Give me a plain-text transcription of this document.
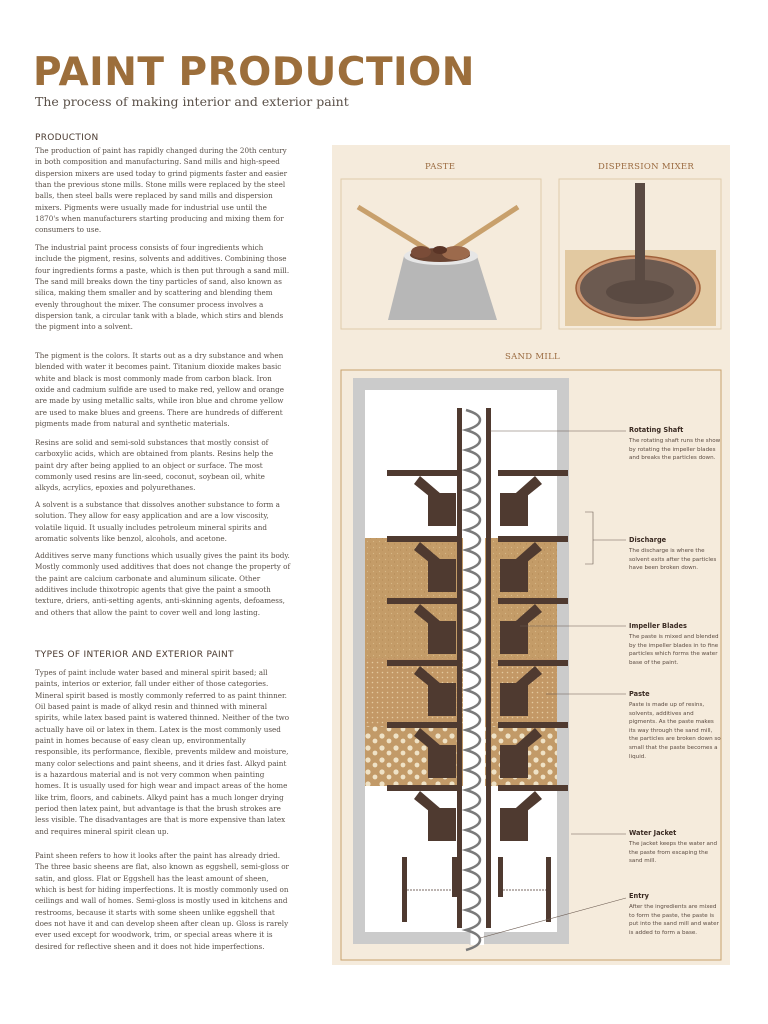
PAINT PRODUCTION
The process of making interior and exterior paint
PRODUCTION

The production of paint has rapidly changed during the 20th century in both composition and manufacturing. Sand mills and high-speed dispersion mixers are used today to grind pigments faster and easier than the previous stone mills. Stone mills were replaced by the steel balls, then steel balls were replaced by sand mills and dispersion mixers. Pigments were usually made for industrial use until the 1870's when manufacturers starting producing and mixing them for consumers to use.

The industrial paint process consists of four ingredients which include the pigment, resins, solvents and additives. Combining those four ingredients forms a paste, which is then put through a sand mill. The sand mill breaks down the tiny particles of sand, also known as silica, making them smaller and by scattering and blending them evenly throughout the mixer. The consumer process involves a dispersion tank, a circular tank with a blade, which stirs and blends the pigment into a solvent.

The pigment is the colors. It starts out as a dry substance and when blended with water it becomes paint. Titanium dioxide makes basic white and black is most commonly made from carbon black. Iron oxide and cadmium sulfide are used to make red, yellow and orange are made by using metallic salts, while iron blue and chrome yellow are used to make blues and greens. There are hundreds of different pigments made from natural and synthetic materials.

Resins are solid and semi-sold substances that mostly consist of carboxylic acids, which are obtained from plants. Resins help the paint dry after being applied to an object or surface. The most commonly used resins are lin-seed, coconut, soybean oil, white alkyds, acrylics, epoxies and polyurethanes.

A solvent is a substance that dissolves another substance to form a solution. They allow for easy application and are a low viscosity, volatile liquid. It usually includes petroleum mineral spirits and aromatic solvents like benzol, alcohols, and acetone.

Additives serve many functions which usually gives the paint its body. Mostly commonly used additives that does not change the property of the paint are calcium carbonate and aluminum silicate. Other additives include thixotropic agents that give the paint a smooth texture, driers, anti-setting agents, anti-skinning agents, defoamess, and others that allow the paint to cover well and long lasting.

TYPES OF INTERIOR AND EXTERIOR PAINT

Types of paint include water based and mineral spirit based; all paints, interios or exterior, fall under either of those categories. Mineral spirit based is mostly commonly referred to as paint thinner. Oil based paint is made of alkyd resin and thinned with mineral spirits, while latex based paint is watered thinned. Neither of the two actually have oil or latex in them. Latex is the most commonly used paint in homes because of easy clean up, environmentally responsible, its performance, flexible, prevents mildew and moisture, many color selections and paint sheens, and it dries fast. Alkyd paint is a hazardous material and is not very common when painting homes. It is usually used for high wear and impact areas of the home like trim, floors, and cabinets. Alkyd paint has a much longer drying period then latex paint, but advantage is that the brush strokes are less visible. The disadvantages are that is more expensive than latex and requires mineral spirit clean up.

Paint sheen refers to how it looks after the paint has already dried. The three basic sheens are flat, also known as eggshell, semi-gloss or satin, and gloss. Flat or Eggshell has the least amount of sheen, which is best for hiding imperfections. It is mostly commonly used on ceilings and wall of homes. Semi-gloss is mostly used in kitchens and restrooms, because it starts with some sheen unlike eggshell that does not have it and can develop sheen after clean up. Gloss is rarely ever used except for woodwork, trim, or special areas where it is desired for reflective sheen and it does not hide imperfections.

PASTE	DISPERSION MIXER
SAND MILL
Rotating Shaft
The rotating shaft runs the show by rotating the impeller blades and breaks the particles down.
Discharge
The discharge is where the solvent exits after the particles have been broken down.
Impeller Blades
The paste is mixed and blended by the impeller blades in to fine particles which forms the water base of the paint.
Paste
Paste is made up of resins, solvents, additives and pigments. As the paste makes its way through the sand mill, the particles are broken down so small that the paste becomes a liquid.
Water Jacket
The jacket keeps the water and the paste from escaping the sand mill.
Entry
After the ingredients are mixed to form the paste, the paste is put into the sand mill and water is added to form a base.
